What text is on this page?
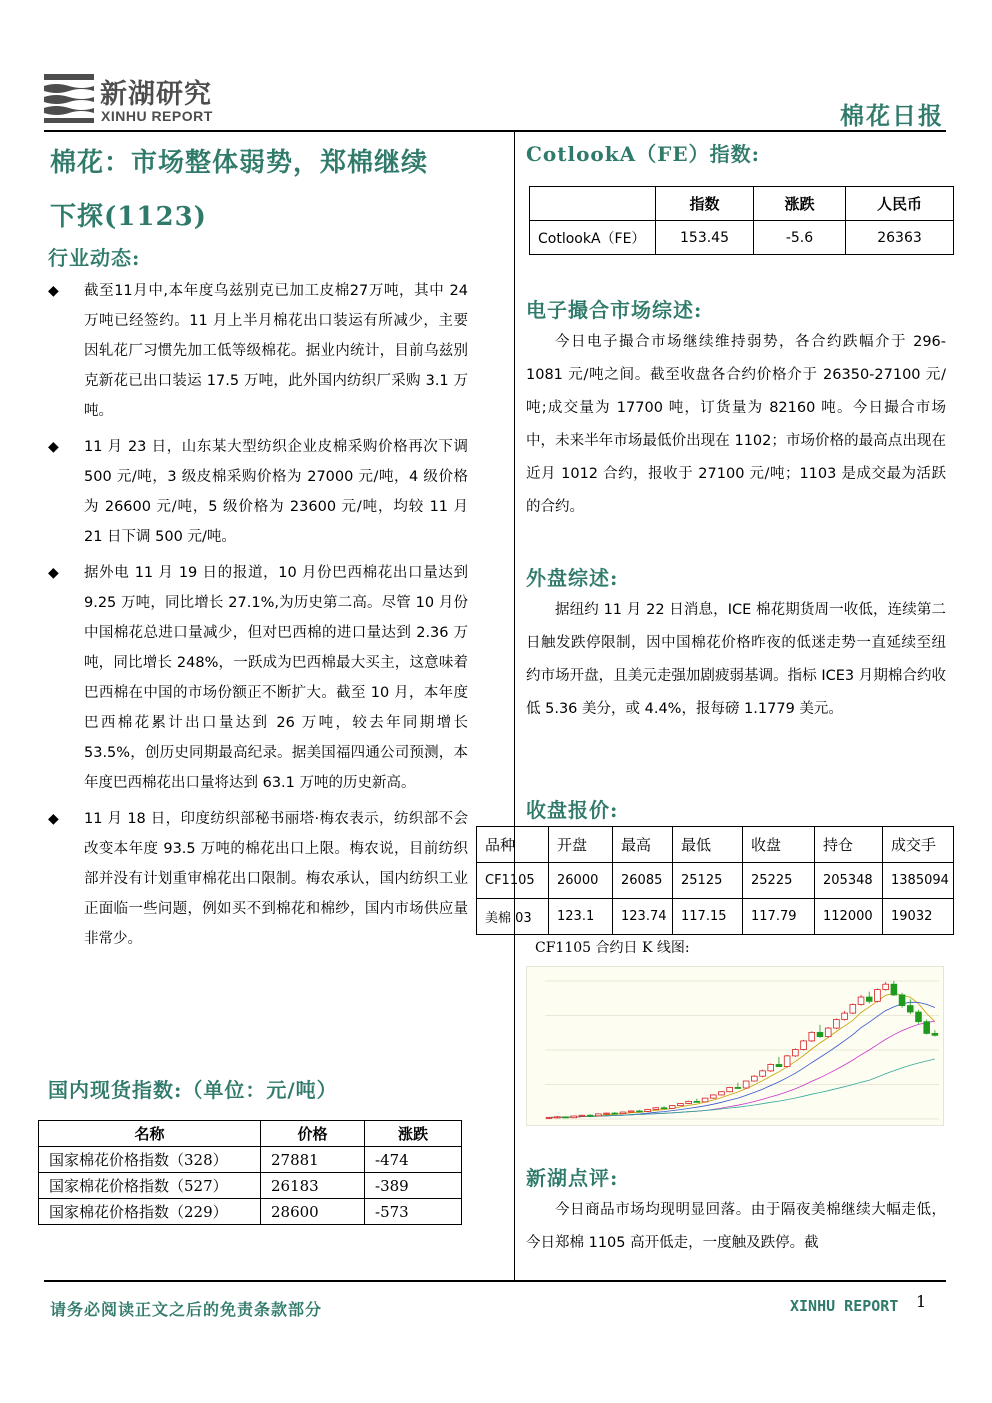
新湖研究
XINHU REPORT	棉花日报
棉花：市场整体弱势，郑棉继续
下探(1123)
行业动态:
◆ 截至11月中,本年度乌兹别克已加工皮棉27万吨，其中 24 万吨已经签约。11 月上半月棉花出口装运有所减少，主要因轧花厂习惯先加工低等级棉花。据业内统计，目前乌兹别克新花已出口装运 17.5 万吨，此外国内纺织厂采购 3.1 万吨。
◆ 11 月 23 日，山东某大型纺织企业皮棉采购价格再次下调 500 元/吨，3 级皮棉采购价格为 27000 元/吨，4 级价格为 26600 元/吨，5 级价格为 23600 元/吨，均较 11 月 21 日下调 500 元/吨。
◆ 据外电 11 月 19 日的报道，10 月份巴西棉花出口量达到 9.25 万吨，同比增长 27.1%,为历史第二高。尽管 10 月份中国棉花总进口量减少，但对巴西棉的进口量达到 2.36 万吨，同比增长 248%，一跃成为巴西棉最大买主，这意味着巴西棉在中国的市场份额正不断扩大。截至 10 月，本年度巴西棉花累计出口量达到 26 万吨，较去年同期增长 53.5%，创历史同期最高纪录。据美国福四通公司预测，本年度巴西棉花出口量将达到 63.1 万吨的历史新高。
◆ 11 月 18 日，印度纺织部秘书丽塔·梅农表示，纺织部不会改变本年度 93.5 万吨的棉花出口上限。梅农说，目前纺织部并没有计划重审棉花出口限制。梅农承认，国内纺织工业正面临一些问题，例如买不到棉花和棉纱，国内市场供应量非常少。
国内现货指数:（单位：元/吨）
名称	价格	涨跌
国家棉花价格指数（328）	27881	-474
国家棉花价格指数（527）	26183	-389
国家棉花价格指数（229）	28600	-573
CotlookA（FE）指数:
	指数	涨跌	人民币
CotlookA（FE）	153.45	-5.6	26363
电子撮合市场综述:
今日电子撮合市场继续维持弱势，各合约跌幅介于 296-1081 元/吨之间。截至收盘各合约价格介于 26350-27100 元/吨;成交量为 17700 吨，订货量为 82160 吨。今日撮合市场中，未来半年市场最低价出现在 1102；市场价格的最高点出现在近月 1012 合约，报收于 27100 元/吨；1103 是成交最为活跃的合约。
外盘综述:
据纽约 11 月 22 日消息，ICE 棉花期货周一收低，连续第二日触发跌停限制，因中国棉花价格昨夜的低迷走势一直延续至纽约市场开盘，且美元走强加剧疲弱基调。指标 ICE3 月期棉合约收低 5.36 美分，或 4.4%，报每磅 1.1779 美元。
收盘报价:
品种	开盘	最高	最低	收盘	持仓	成交手
CF1105	26000	26085	25125	25225	205348	1385094
美棉 03	123.1	123.74	117.15	117.79	112000	19032
CF1105 合约日 K 线图:
新湖点评:
今日商品市场均现明显回落。由于隔夜美棉继续大幅走低，今日郑棉 1105 高开低走，一度触及跌停。截
请务必阅读正文之后的免责条款部分	XINHU REPORT 1
